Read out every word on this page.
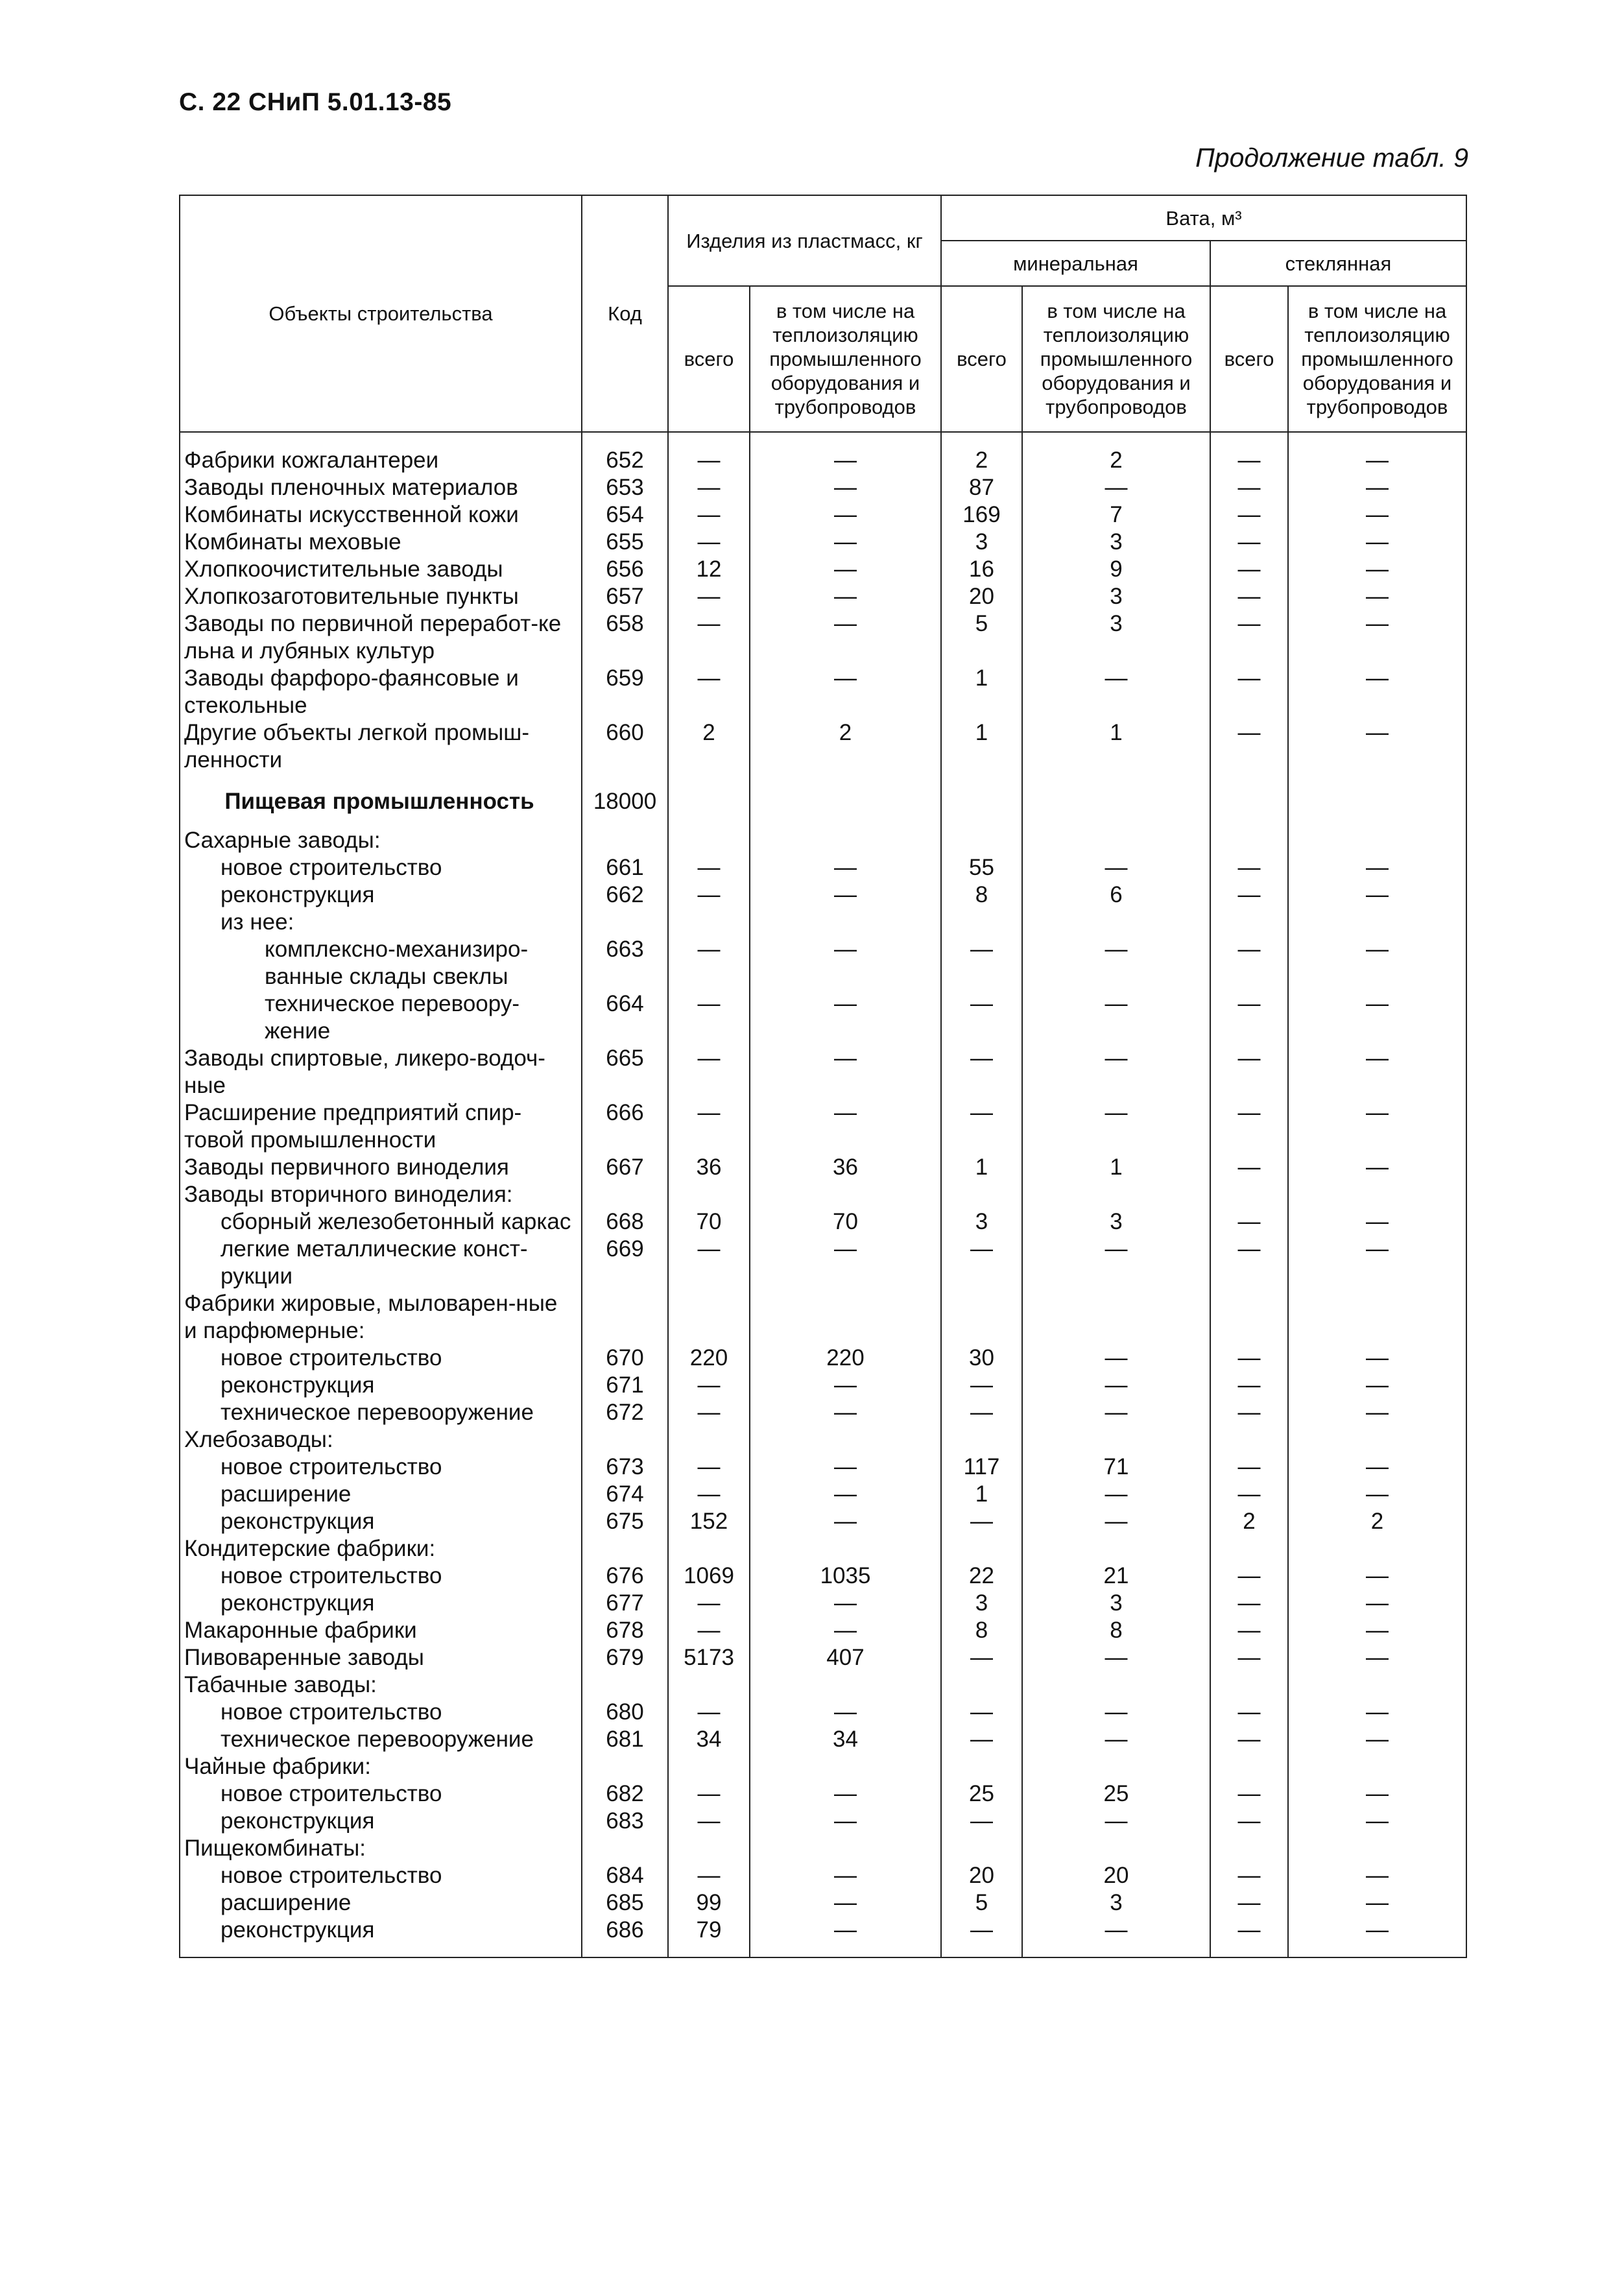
С. 22 СНиП 5.01.13-85
Продолжение табл. 9
Объекты строительства	Код	Изделия из пластмасс, кг		Вата, м³			
				минеральная		стеклянная	
		всего	в том числе на теплоизоляцию промышленного оборудования и трубопроводов	всего	в том числе на теплоизоляцию промышленного оборудования и трубопроводов	всего	в том числе на теплоизоляцию промышленного оборудования и трубопроводов
Фабрики кожгалантереи	652	—	—	2	2	—	—
Заводы пленочных материалов	653	—	—	87	—	—	—
Комбинаты искусственной кожи	654	—	—	169	7	—	—
Комбинаты меховые	655	—	—	3	3	—	—
Хлопкоочистительные заводы	656	12	—	16	9	—	—
Хлопкозаготовительные пункты	657	—	—	20	3	—	—
Заводы по первичной переработ-ке льна и лубяных культур	658	—	—	5	3	—	—
Заводы фарфоро-фаянсовые и стекольные	659	—	—	1	—	—	—
Другие объекты легкой промыш-ленности	660	2	2	1	1	—	—
Пищевая промышленность	18000						
Сахарные заводы:							
новое строительство	661	—	—	55	—	—	—
реконструкция	662	—	—	8	6	—	—
из нее:							
комплексно-механизиро-ванные склады свеклы	663	—	—	—	—	—	—
техническое перевоору-жение	664	—	—	—	—	—	—
Заводы спиртовые, ликеро-водоч-ные	665	—	—	—	—	—	—
Расширение предприятий спир-товой промышленности	666	—	—	—	—	—	—
Заводы первичного виноделия	667	36	36	1	1	—	—
Заводы вторичного виноделия:							
сборный железобетонный каркас	668	70	70	3	3	—	—
легкие металлические конст-рукции	669	—	—	—	—	—	—
Фабрики жировые, мыловарен-ные и парфюмерные:							
новое строительство	670	220	220	30	—	—	—
реконструкция	671	—	—	—	—	—	—
техническое перевооружение	672	—	—	—	—	—	—
Хлебозаводы:							
новое строительство	673	—	—	117	71	—	—
расширение	674	—	—	1	—	—	—
реконструкция	675	152	—	—	—	2	2
Кондитерские фабрики:							
новое строительство	676	1069	1035	22	21	—	—
реконструкция	677	—	—	3	3	—	—
Макаронные фабрики	678	—	—	8	8	—	—
Пивоваренные заводы	679	5173	407	—	—	—	—
Табачные заводы:							
новое строительство	680	—	—	—	—	—	—
техническое перевооружение	681	34	34	—	—	—	—
Чайные фабрики:							
новое строительство	682	—	—	25	25	—	—
реконструкция	683	—	—	—	—	—	—
Пищекомбинаты:							
новое строительство	684	—	—	20	20	—	—
расширение	685	99	—	5	3	—	—
реконструкция	686	79	—	—	—	—	—
